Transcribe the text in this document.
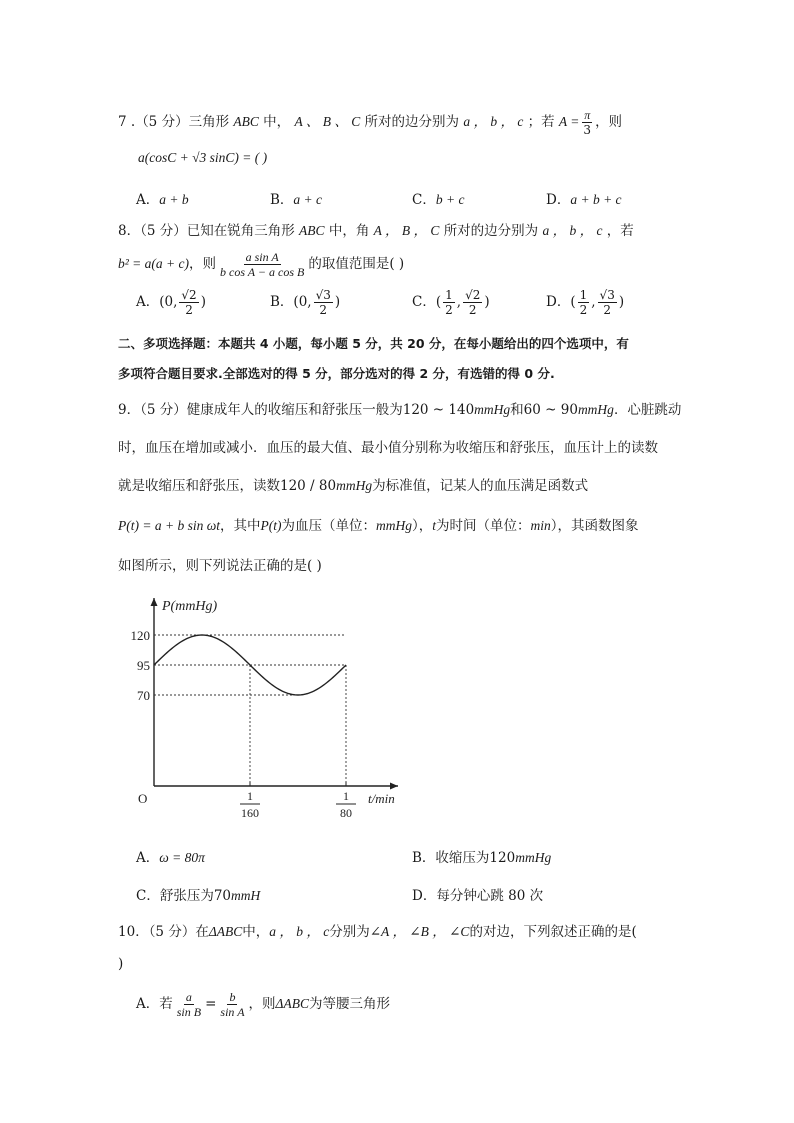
7 .（5 分）三角形 ABC 中， A 、 B 、 C 所对的边分别为 a ， b ， c ；若 $A = \frac{\pi}{3}$ ，则
a(cosC + √3 sinC) = ( )
A．a + b	B．a + c	C．b + c	D．a + b + c
8．（5 分）已知在锐角三角形 ABC 中，角 A ， B ， C 所对的边分别为 a ， b ， c ，若
b² = a(a + c)，则 $\frac{\text{a sin A}}{\text{b cos A − a cos B}}$ 的取值范围是( )
A．(0, $\frac{√2}{2}$ )	B．(0, $\frac{√3}{2}$ )	C．( $\frac{1}{2}$ , $\frac{√2}{2}$ )	D．( $\frac{1}{2}$ , $\frac{√3}{2}$ )
二、多项选择题：本题共 4 小题，每小题 5 分，共 20 分，在每小题给出的四个选项中，有
多项符合题目要求.全部选对的得 5 分，部分选对的得 2 分，有选错的得 0 分.
9．（5 分）健康成年人的收缩压和舒张压一般为120 ~ 140mmHg和60 ~ 90mmHg．心脏跳动
时，血压在增加或减小．血压的最大值、最小值分别称为收缩压和舒张压，血压计上的读数
就是收缩压和舒张压，读数120 / 80mmHg为标准值，记某人的血压满足函数式
P(t) = a + b sin ωt，其中P(t)为血压（单位：mmHg），t为时间（单位：min），其函数图象
如图所示，则下列说法正确的是( )
P(mmHg)
t/min
O
120
95
70
1
160
1
80
A．ω = 80π	B．收缩压为120mmHg
C．舒张压为70mmH	D．每分钟心跳 80 次
10．（5 分）在ΔABC中，a ， b ， c分别为∠A ， ∠B ， ∠C的对边，下列叙述正确的是(
)
A．若 $\frac{a}{\text{sin B}} = \frac{b}{\text{sin A}}$ ，则ΔABC为等腰三角形
